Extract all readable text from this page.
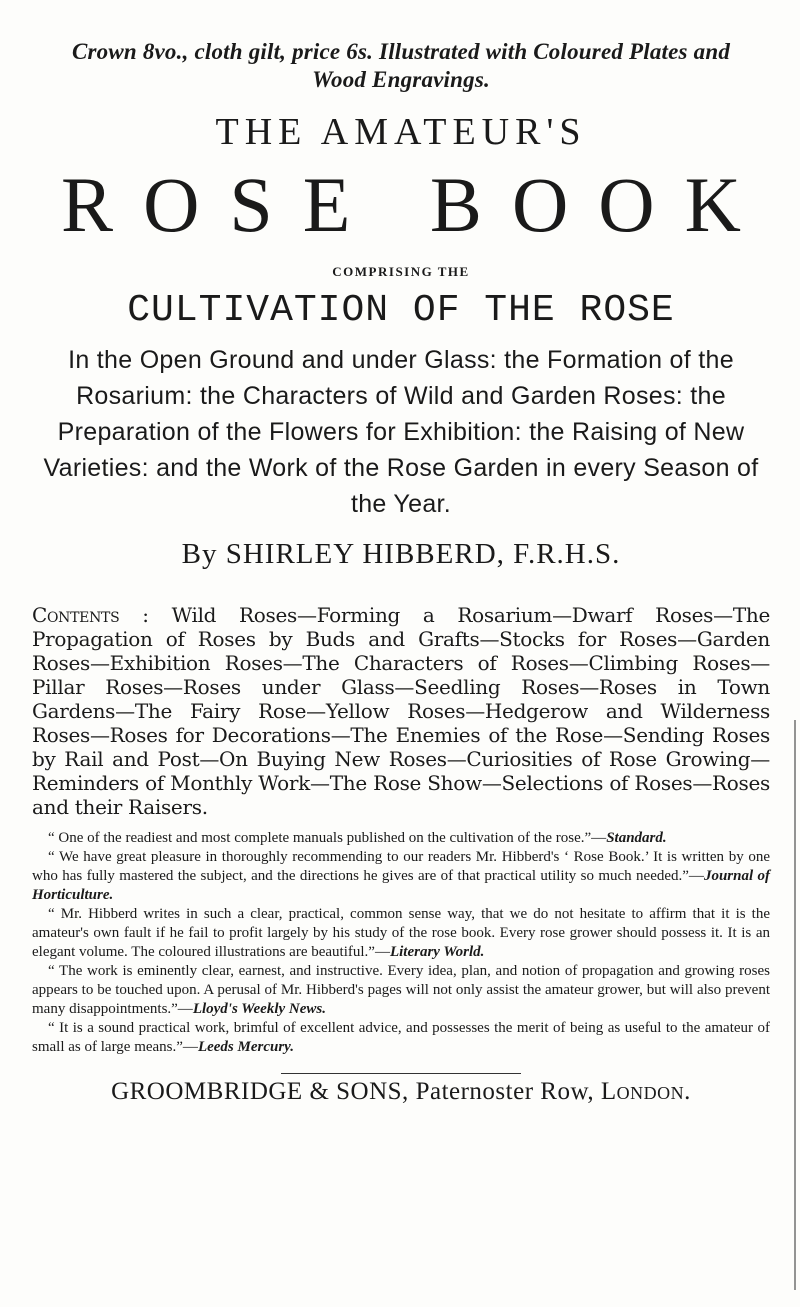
Crown 8vo., cloth gilt, price 6s. Illustrated with Coloured Plates and
Wood Engravings.
THE AMATEUR'S
ROSE BOOK
COMPRISING THE
CULTIVATION OF THE ROSE
In the Open Ground and under Glass: the Formation of the Rosarium: the Characters of Wild and Garden Roses: the Preparation of the Flowers for Exhibition: the Raising of New Varieties: and the Work of the Rose Garden in every Season of the Year.
By SHIRLEY HIBBERD, F.R.H.S.
Contents : Wild Roses—Forming a Rosarium—Dwarf Roses—The Propagation of Roses by Buds and Grafts—Stocks for Roses—Garden Roses—Exhibition Roses—The Characters of Roses—Climbing Roses—Pillar Roses—Roses under Glass—Seedling Roses—Roses in Town Gardens—The Fairy Rose—Yellow Roses—Hedgerow and Wilderness Roses—Roses for Decorations—The Enemies of the Rose—Sending Roses by Rail and Post—On Buying New Roses—Curiosities of Rose Growing—Reminders of Monthly Work—The Rose Show—Selections of Roses—Roses and their Raisers.
“ One of the readiest and most complete manuals published on the cultivation of the rose.”—Standard.
“ We have great pleasure in thoroughly recommending to our readers Mr. Hibberd's ‘ Rose Book.’ It is written by one who has fully mastered the subject, and the directions he gives are of that practical utility so much needed.”—Journal of Horticulture.
“ Mr. Hibberd writes in such a clear, practical, common sense way, that we do not hesitate to affirm that it is the amateur's own fault if he fail to profit largely by his study of the rose book. Every rose grower should possess it. It is an elegant volume. The coloured illustrations are beautiful.”—Literary World.
“ The work is eminently clear, earnest, and instructive. Every idea, plan, and notion of propagation and growing roses appears to be touched upon. A perusal of Mr. Hibberd's pages will not only assist the amateur grower, but will also prevent many disappointments.”—Lloyd's Weekly News.
“ It is a sound practical work, brimful of excellent advice, and possesses the merit of being as useful to the amateur of small as of large means.”—Leeds Mercury.
GROOMBRIDGE & SONS, Paternoster Row, London.
